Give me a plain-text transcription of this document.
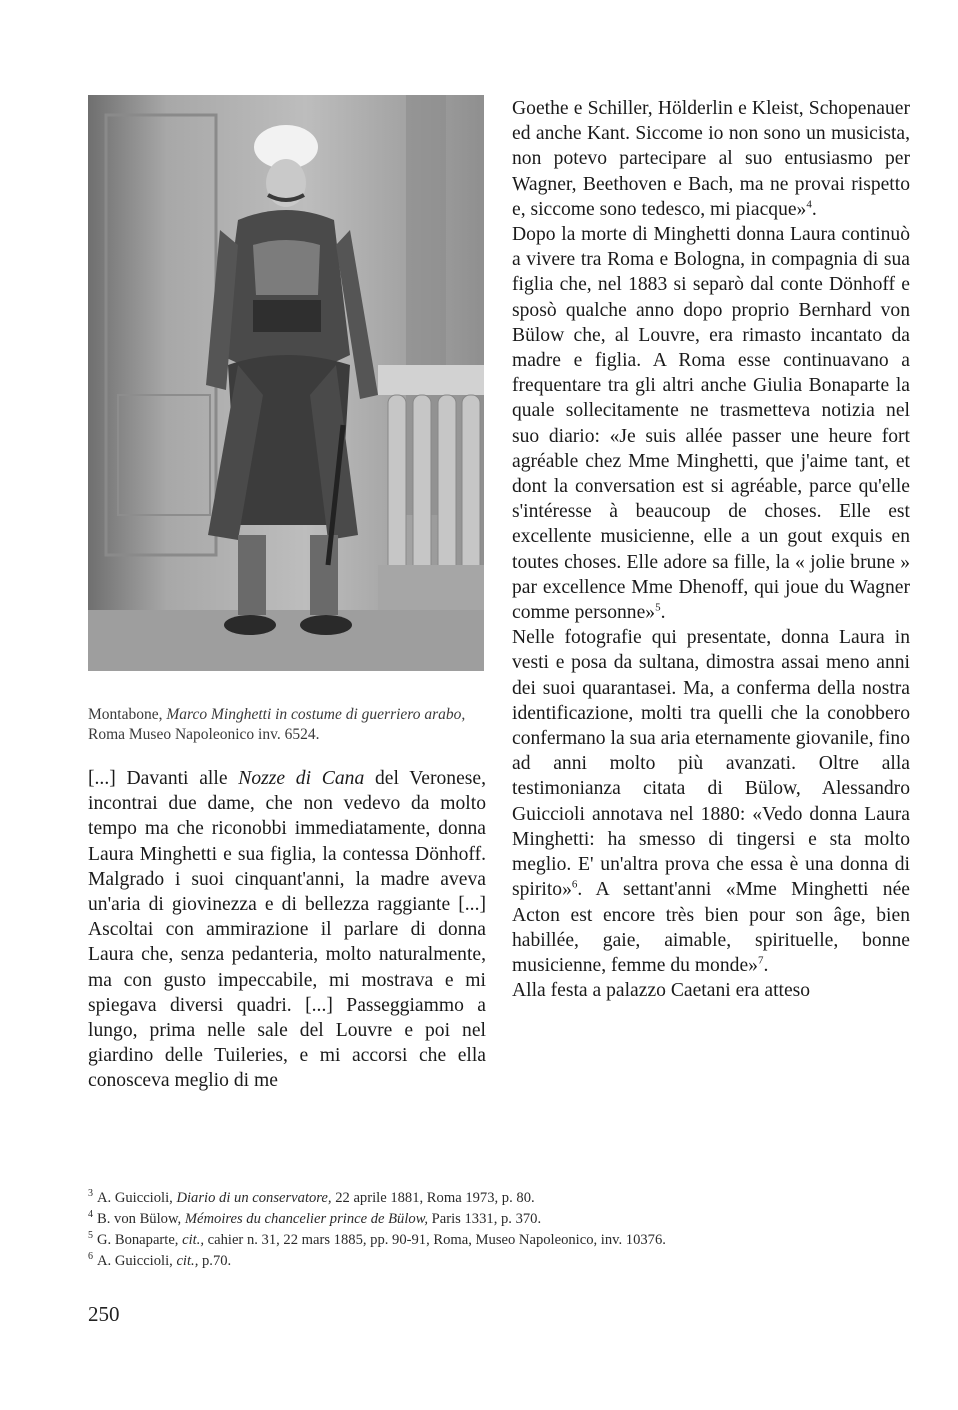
Montabone, Marco Minghetti in costume di guerriero arabo, Roma Museo Napoleonico inv. 6524.

[...] Davanti alle Nozze di Cana del Veronese, incontrai due dame, che non vedevo da molto tempo ma che riconobbi immediatamente, donna Laura Minghetti e sua figlia, la contessa Dönhoff. Malgrado i suoi cinquant'anni, la madre aveva un'aria di giovinezza e di bellezza raggiante [...] Ascoltai con ammirazione il parlare di donna Laura che, senza pedanteria, molto naturalmente, ma con gusto impeccabile, mi mostrava e mi spiegava diversi quadri. [...] Passeggiammo a lungo, prima nelle sale del Louvre e poi nel giardino delle Tuileries, e mi accorsi che ella conosceva meglio di me

Goethe e Schiller, Hölderlin e Kleist, Schopenauer ed anche Kant. Siccome io non sono un musicista, non potevo partecipare al suo entusiasmo per Wagner, Beethoven e Bach, ma ne provai rispetto e, siccome sono tedesco, mi piacque»$^4$.

Dopo la morte di Minghetti donna Laura continuò a vivere tra Roma e Bologna, in compagnia di sua figlia che, nel 1883 si separò dal conte Dönhoff e sposò qualche anno dopo proprio Bernhard von Bülow che, al Louvre, era rimasto incantato da madre e figlia. A Roma esse continuavano a frequentare tra gli altri anche Giulia Bonaparte la quale sollecitamente ne trasmetteva notizia nel suo diario: «Je suis allée passer une heure fort agréable chez Mme Minghetti, que j'aime tant, et dont la conversation est si agréable, parce qu'elle s'intéresse à beaucoup de choses. Elle est excellente musicienne, elle a un gout exquis en toutes choses. Elle adore sa fille, la « jolie brune » par excellence Mme Dhenoff, qui joue du Wagner comme personne»$^5$.

Nelle fotografie qui presentate, donna Laura in vesti e posa da sultana, dimostra assai meno anni dei suoi quarantasei. Ma, a conferma della nostra identificazione, molti tra quelli che la conobbero confermano la sua aria eternamente giovanile, fino ad anni molto più avanzati. Oltre alla testimonianza citata di Bülow, Alessandro Guiccioli annotava nel 1880: «Vedo donna Laura Minghetti: ha smesso di tingersi e sta molto meglio. E' un'altra prova che essa è una donna di spirito»$^6$. A settant'anni «Mme Minghetti née Acton est encore très bien pour son âge, bien habillée, gaie, aimable, spirituelle, bonne musicienne, femme du monde»$^7$.

Alla festa a palazzo Caetani era atteso

$^3$ A. Guiccioli, Diario di un conservatore, 22 aprile 1881, Roma 1973, p. 80.
$^4$ B. von Bülow, Mémoires du chancelier prince de Bülow, Paris 1331, p. 370.
$^5$ G. Bonaparte, cit., cahier n. 31, 22 mars 1885, pp. 90-91, Roma, Museo Napoleonico, inv. 10376.
$^6$ A. Guiccioli, cit., p.70.
250
